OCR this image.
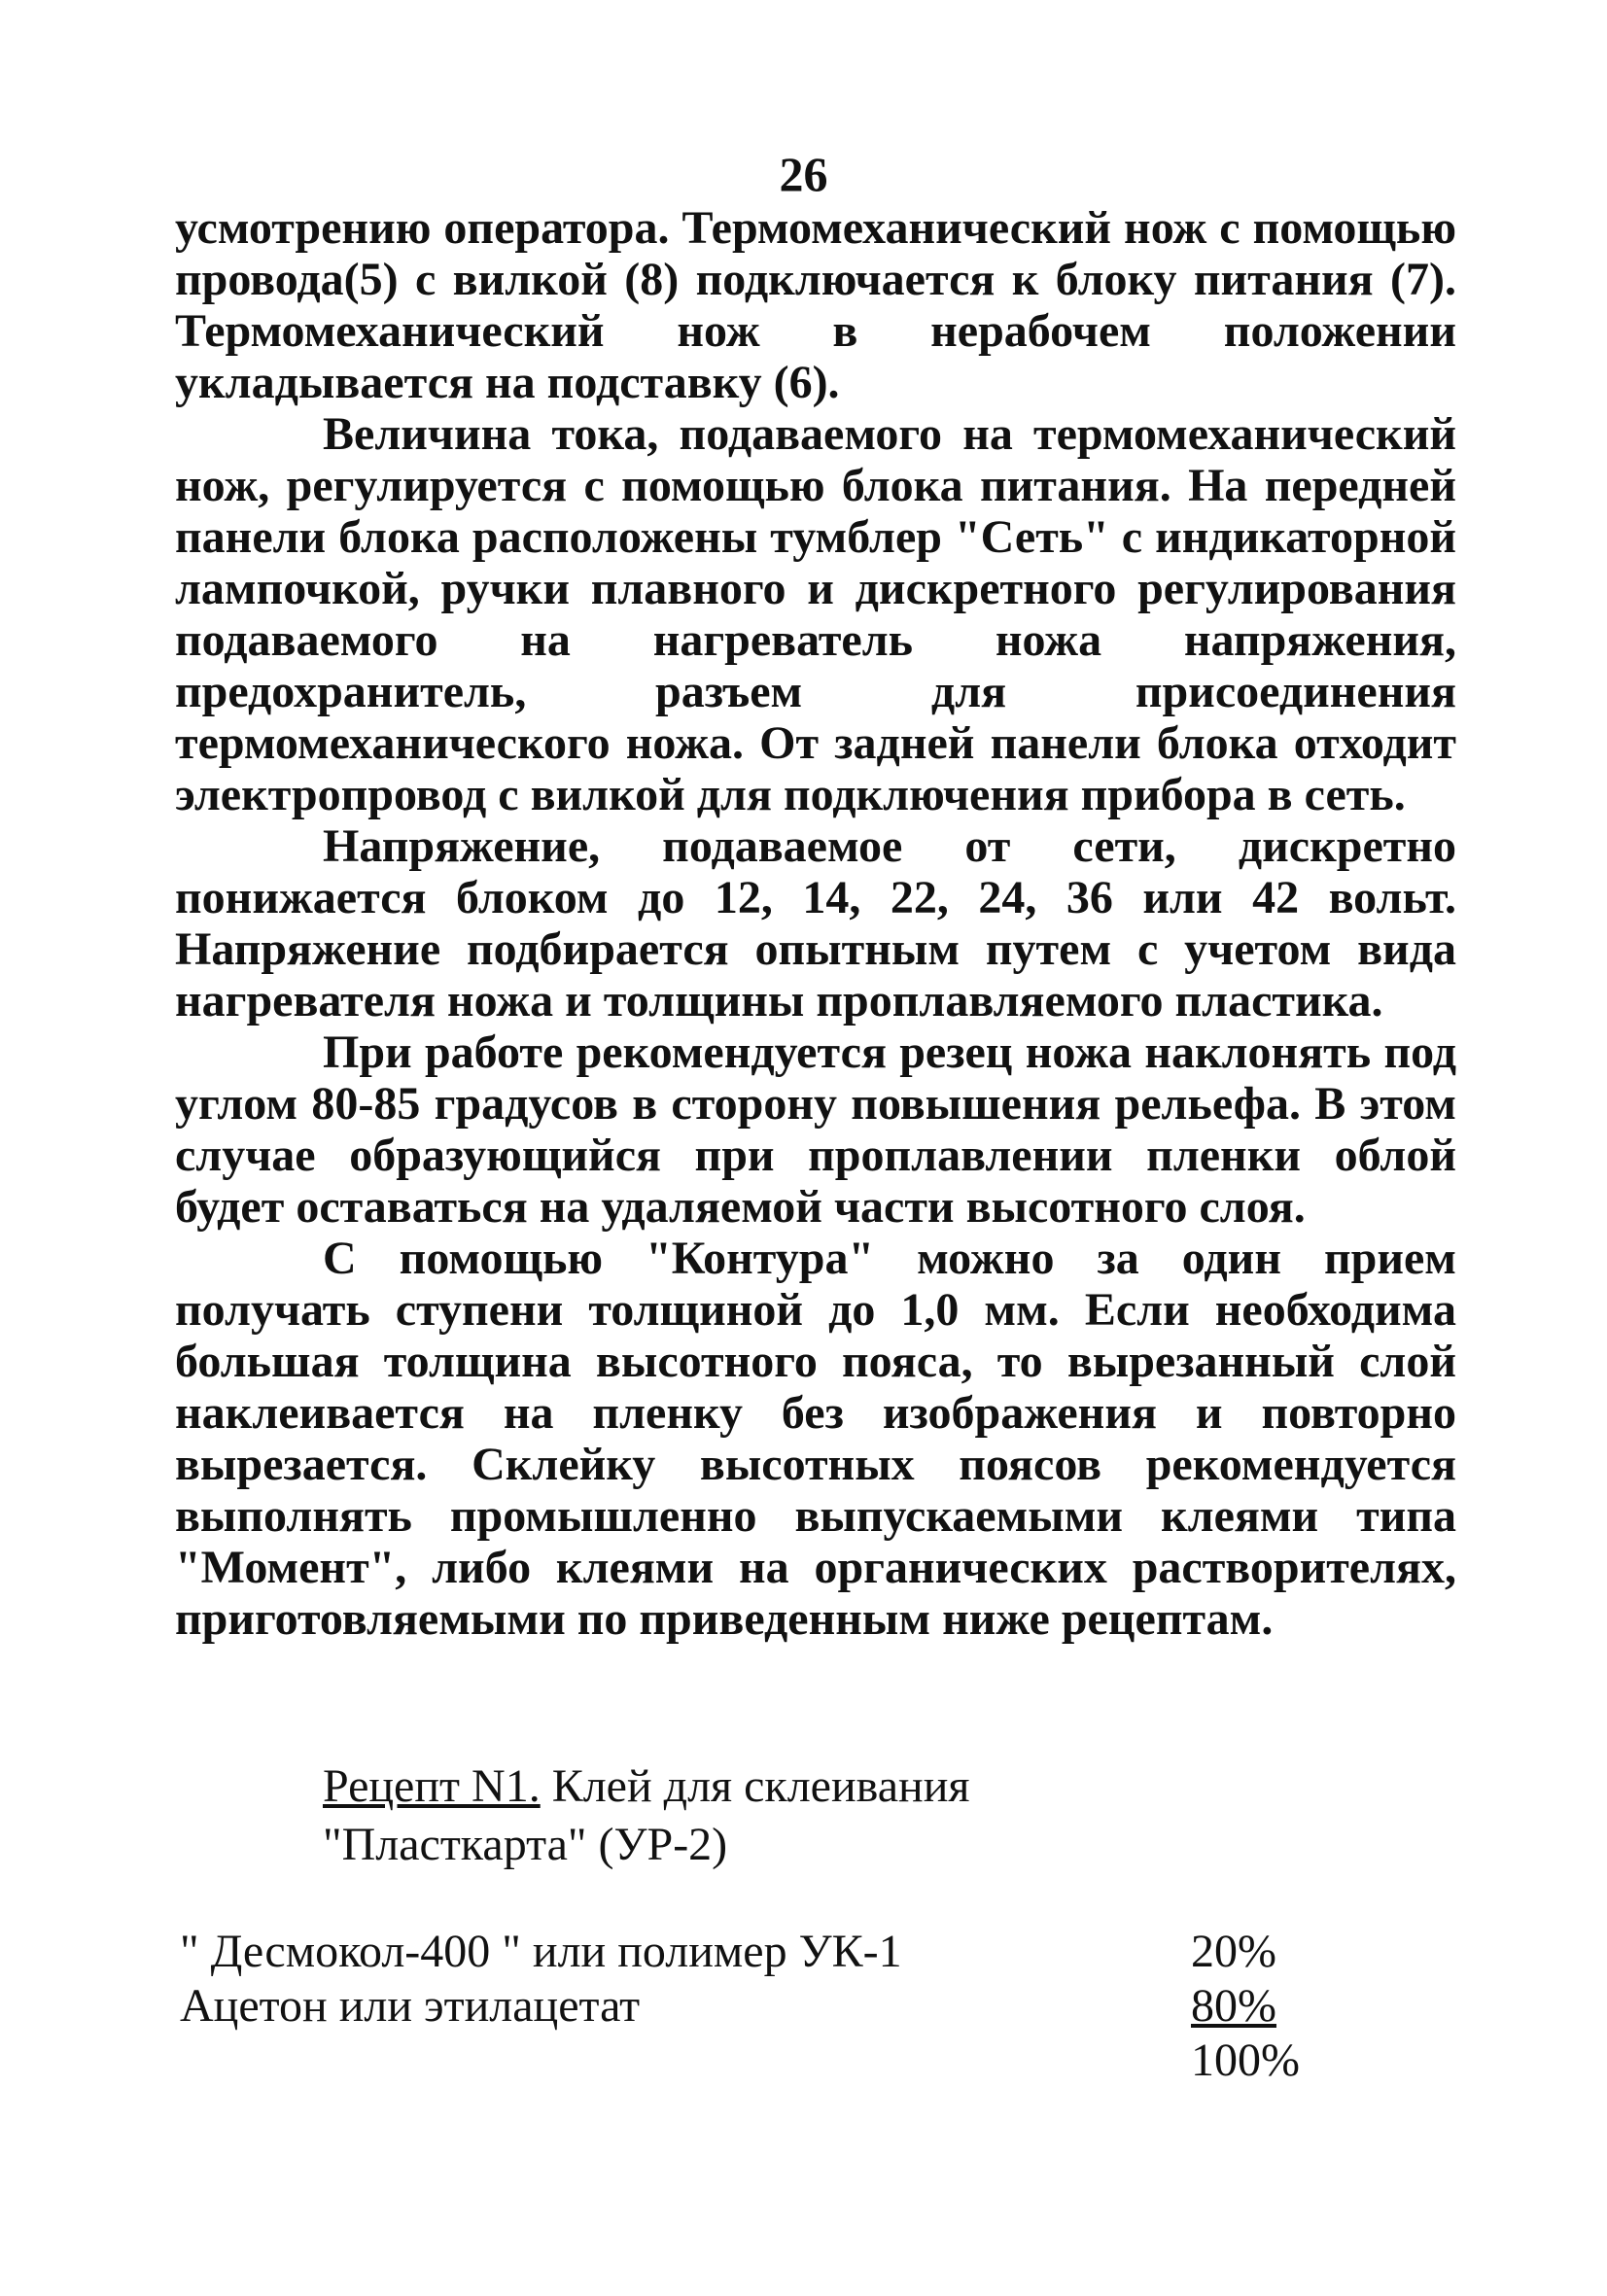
26

усмотрению оператора. Термомеханический нож с помощью провода(5) с вилкой (8) подключается к блоку питания (7). Термомеханический нож в нерабочем положении укладывается на подставку (6).

Величина тока, подаваемого на термомеханический нож, регулируется с помощью блока питания. На передней панели блока расположены тумблер "Сеть" с индикаторной лампочкой, ручки плавного и дискретного регулирования подаваемого на нагреватель ножа напряжения, предохранитель, разъем для присоединения термомеханического ножа. От задней панели блока отходит электропровод с вилкой для подключения прибора в сеть.

Напряжение, подаваемое от сети, дискретно понижается блоком до 12, 14, 22, 24, 36 или 42 вольт. Напряжение подбирается опытным путем с учетом вида нагревателя ножа и толщины проплавляемого пластика.

При работе рекомендуется резец ножа наклонять под углом 80-85 градусов в сторону повышения рельефа. В этом случае образующийся при проплавлении пленки облой будет оставаться на удаляемой части высотного слоя.

С помощью "Контура" можно за один прием получать ступени толщиной до 1,0 мм. Если необходима большая толщина высотного пояса, то вырезанный слой наклеивается на пленку без изображения и повторно вырезается. Склейку высотных поясов рекомендуется выполнять промышленно выпускаемыми клеями типа "Момент", либо клеями на органических растворителях, приготовляемыми по приведенным ниже рецептам.

Рецепт N1. Клей для склеивания
"Пласткарта" (УР-2)
" Десмокол-400 " или полимер УК-1	20%
Ацетон или этилацетат	80%
100%
